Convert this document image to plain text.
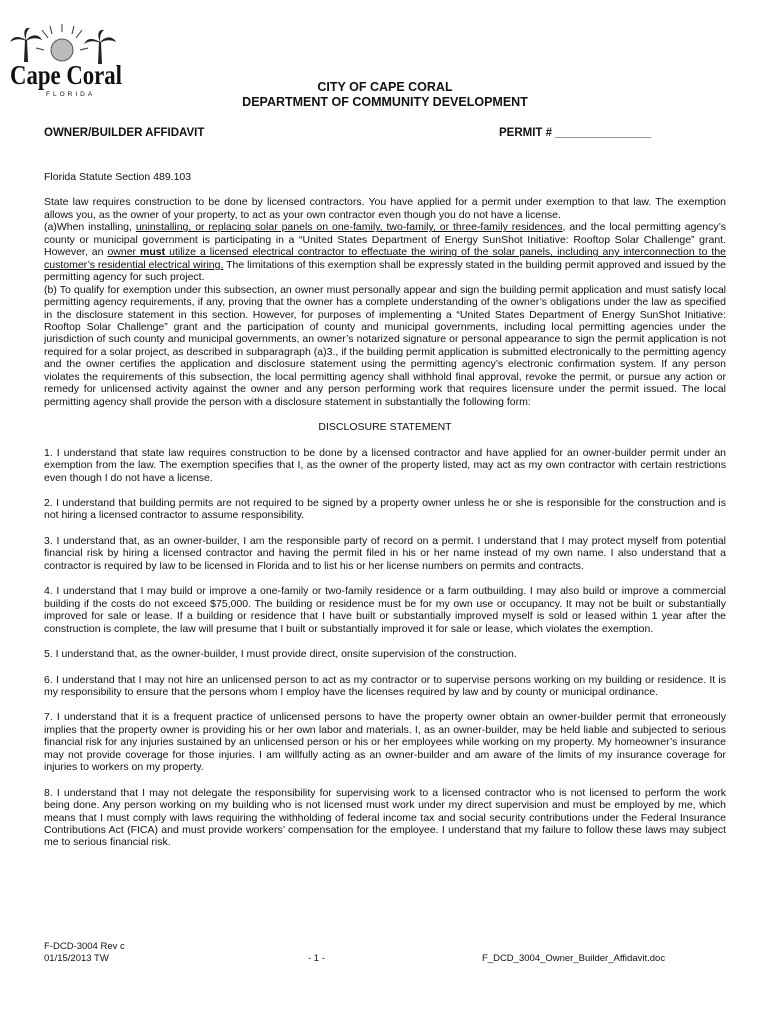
Cape Coral
FLORIDA
CITY OF CAPE CORAL
DEPARTMENT OF COMMUNITY DEVELOPMENT
OWNER/BUILDER AFFIDAVIT	PERMIT # _______________

Florida Statute Section 489.103

State law requires construction to be done by licensed contractors. You have applied for a permit under exemption to that law. The exemption allows you, as the owner of your property, to act as your own contractor even though you do not have a license.

(a)When installing, uninstalling, or replacing solar panels on one-family, two-family, or three-family residences, and the local permitting agency’s county or municipal government is participating in a “United States Department of Energy SunShot Initiative: Rooftop Solar Challenge” grant. However, an owner must utilize a licensed electrical contractor to effectuate the wiring of the solar panels, including any interconnection to the customer’s residential electrical wiring. The limitations of this exemption shall be expressly stated in the building permit approved and issued by the permitting agency for such project.

(b) To qualify for exemption under this subsection, an owner must personally appear and sign the building permit application and must satisfy local permitting agency requirements, if any, proving that the owner has a complete understanding of the owner’s obligations under the law as specified in the disclosure statement in this section. However, for purposes of implementing a “United States Department of Energy SunShot Initiative: Rooftop Solar Challenge” grant and the participation of county and municipal governments, including local permitting agencies under the jurisdiction of such county and municipal governments, an owner’s notarized signature or personal appearance to sign the permit application is not required for a solar project, as described in subparagraph (a)3., if the building permit application is submitted electronically to the permitting agency and the owner certifies the application and disclosure statement using the permitting agency’s electronic confirmation system. If any person violates the requirements of this subsection, the local permitting agency shall withhold final approval, revoke the permit, or pursue any action or remedy for unlicensed activity against the owner and any person performing work that requires licensure under the permit issued. The local permitting agency shall provide the person with a disclosure statement in substantially the following form:

DISCLOSURE STATEMENT

1. I understand that state law requires construction to be done by a licensed contractor and have applied for an owner-builder permit under an exemption from the law. The exemption specifies that I, as the owner of the property listed, may act as my own contractor with certain restrictions even though I do not have a license.

2. I understand that building permits are not required to be signed by a property owner unless he or she is responsible for the construction and is not hiring a licensed contractor to assume responsibility.

3. I understand that, as an owner-builder, I am the responsible party of record on a permit. I understand that I may protect myself from potential financial risk by hiring a licensed contractor and having the permit filed in his or her name instead of my own name. I also understand that a contractor is required by law to be licensed in Florida and to list his or her license numbers on permits and contracts.

4. I understand that I may build or improve a one-family or two-family residence or a farm outbuilding. I may also build or improve a commercial building if the costs do not exceed $75,000. The building or residence must be for my own use or occupancy. It may not be built or substantially improved for sale or lease. If a building or residence that I have built or substantially improved myself is sold or leased within 1 year after the construction is complete, the law will presume that I built or substantially improved it for sale or lease, which violates the exemption.

5. I understand that, as the owner-builder, I must provide direct, onsite supervision of the construction.

6. I understand that I may not hire an unlicensed person to act as my contractor or to supervise persons working on my building or residence. It is my responsibility to ensure that the persons whom I employ have the licenses required by law and by county or municipal ordinance.

7. I understand that it is a frequent practice of unlicensed persons to have the property owner obtain an owner-builder permit that erroneously implies that the property owner is providing his or her own labor and materials. I, as an owner-builder, may be held liable and subjected to serious financial risk for any injuries sustained by an unlicensed person or his or her employees while working on my property. My homeowner’s insurance may not provide coverage for those injuries. I am willfully acting as an owner-builder and am aware of the limits of my insurance coverage for injuries to workers on my property.

8. I understand that I may not delegate the responsibility for supervising work to a licensed contractor who is not licensed to perform the work being done. Any person working on my building who is not licensed must work under my direct supervision and must be employed by me, which means that I must comply with laws requiring the withholding of federal income tax and social security contributions under the Federal Insurance Contributions Act (FICA) and must provide workers’ compensation for the employee. I understand that my failure to follow these laws may subject me to serious financial risk.

F-DCD-3004 Rev c
01/15/2013 TW	- 1 -	F_DCD_3004_Owner_Builder_Affidavit.doc
